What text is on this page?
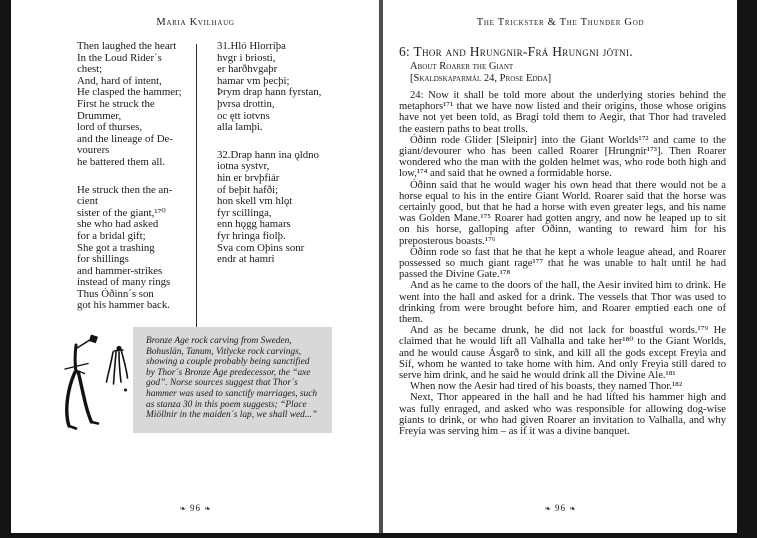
Maria Kvilhaug
Then laughed the heart
In the Loud Rider´s
chest;
And, hard of intent,
He clasped the hammer;
First he struck the
Drummer,
lord of thurses,
and the lineage of De-
vourers
he battered them all.
He struck then the an-
cient
sister of the giant,¹⁷⁰
she who had asked
for a bridal gift;
She got a trashing
for shillings
and hammer-strikes
instead of many rings
Thus Óðinn´s son
got his hammer back.
31.Hló Hlorriþa
hvgr i briosti,
er harðhvgaþr
hamar vm þecþi;
Þrym drap hann fyrstan,
þvrsa drottin,
oc ętt iotvns
alla lamþi.
32.Drap hann ina ǫldno
iotna systvr,
hin er brvþfiár
of beþit hafði;
hon skell vm hlǫt
fyr scillinga,
enn hǫgg hamars
fyr hringa fiolþ.
Sva com Oþins sonr
endr at hamri
Bronze Age rock carving from Sweden, Bohuslän, Tanum, Vitlycke rock carvings, showing a couple probably being sanctified by Thor´s Bronze Age predecessor, the “axe god”. Norse sources suggest that Thor´s hammer was used to sanctify marriages, such as stanza 30 in this poem suggests; “Place Miöllnir in the maiden´s lap, we shall wed...”
❧ 96 ❧
The Trickster & The Thunder God
6: Thor and Hrungnir-Frá Hrungni jötni.
About Roarer the Giant
[Skaldskaparmál 24, Prose Edda]

24: Now it shall be told more about the underlying stories behind the metaphors¹⁷¹ that we have now listed and their origins, those whose origins have not yet been told, as Bragi told them to Aegir, that Thor had traveled the eastern paths to beat trolls.

Óðinn rode Glider [Sleipnir] into the Giant Worlds¹⁷² and came to the giant/devourer who has been called Roarer [Hrungnir¹⁷³]. Then Roarer wondered who the man with the golden helmet was, who rode both high and low,¹⁷⁴ and said that he owned a formidable horse.

Óðinn said that he would wager his own head that there would not be a horse equal to his in the entire Giant World. Roarer said that the horse was certainly good, but that he had a horse with even greater legs, and his name was Golden Mane.¹⁷⁵ Roarer had gotten angry, and now he leaped up to sit on his horse, galloping after Óðinn, wanting to reward him for his preposterous boasts.¹⁷⁶

Óðinn rode so fast that he that he kept a whole league ahead, and Roarer possessed so much giant rage¹⁷⁷ that he was unable to halt until he had passed the Divine Gate.¹⁷⁸

And as he came to the doors of the hall, the Aesir invited him to drink. He went into the hall and asked for a drink. The vessels that Thor was used to drinking from were brought before him, and Roarer emptied each one of them.

And as he became drunk, he did not lack for boastful words.¹⁷⁹ He claimed that he would lift all Valhalla and take her¹⁸⁰ to the Giant Worlds, and he would cause Ásgarð to sink, and kill all the gods except Freyia and Síf, whom he wanted to take home with him. And only Freyia still dared to serve him drink, and he said he would drink all the Divine Ale.¹⁸¹

When now the Aesir had tired of his boasts, they named Thor.¹⁸²

Next, Thor appeared in the hall and he had lifted his hammer high and was fully enraged, and asked who was responsible for allowing dog-wise giants to drink, or who had given Roarer an invitation to Valhalla, and why Freyia was serving him – as if it was a divine banquet.

❧ 96 ❧
